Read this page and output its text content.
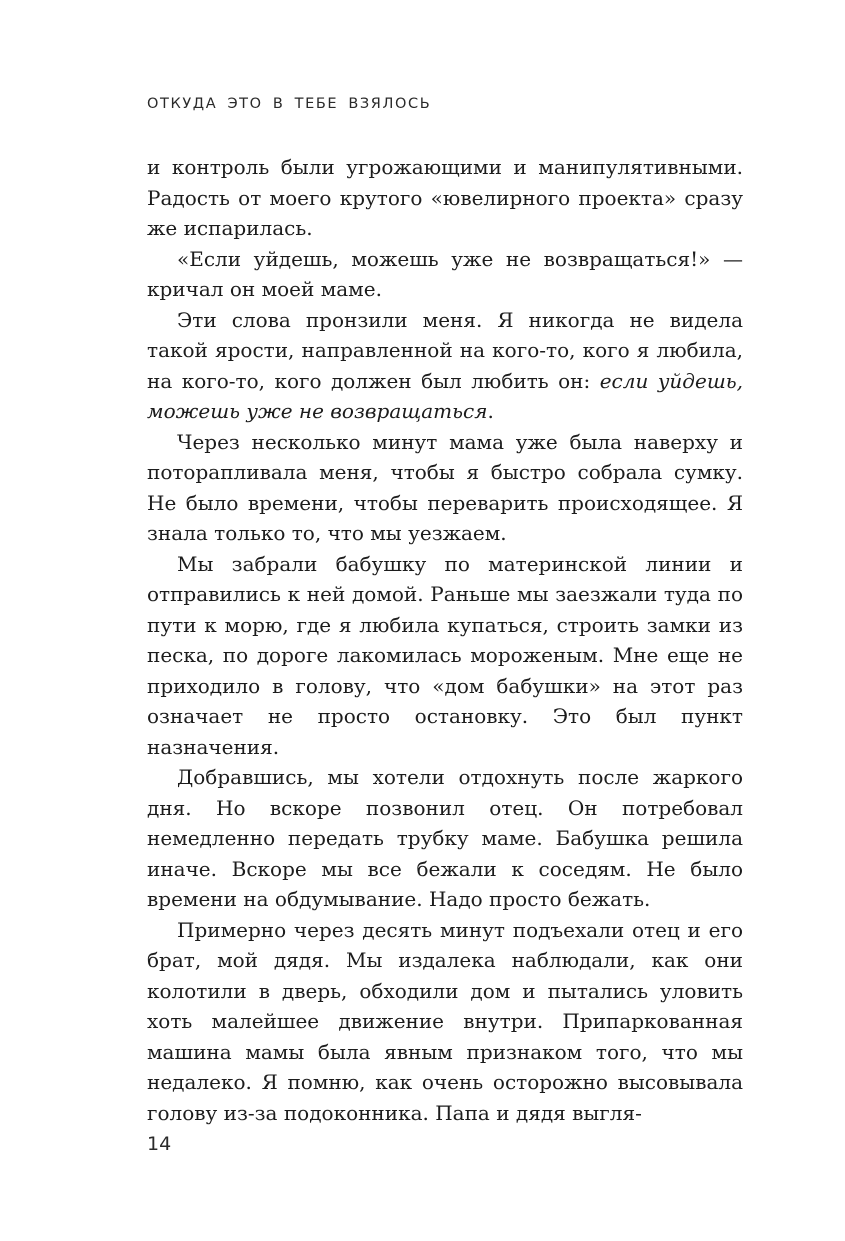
ОТКУДА ЭТО В ТЕБЕ ВЗЯЛОСЬ

и контроль были угрожающими и манипулятивными. Радость от моего крутого «ювелирного проекта» сразу же испарилась.

«Если уйдешь, можешь уже не возвращаться!» — кричал он моей маме.

Эти слова пронзили меня. Я никогда не видела такой ярости, направленной на кого-то, кого я любила, на кого-то, кого должен был любить он: если уйдешь, можешь уже не возвращаться.

Через несколько минут мама уже была наверху и поторапливала меня, чтобы я быстро собрала сумку. Не было времени, чтобы переварить происходящее. Я знала только то, что мы уезжаем.

Мы забрали бабушку по материнской линии и отправились к ней домой. Раньше мы заезжали туда по пути к морю, где я любила купаться, строить замки из песка, по дороге лакомилась мороженым. Мне еще не приходило в голову, что «дом бабушки» на этот раз означает не просто остановку. Это был пункт назначения.

Добравшись, мы хотели отдохнуть после жаркого дня. Но вскоре позвонил отец. Он потребовал немедленно передать трубку маме. Бабушка решила иначе. Вскоре мы все бежали к соседям. Не было времени на обдумывание. Надо просто бежать.

Примерно через десять минут подъехали отец и его брат, мой дядя. Мы издалека наблюдали, как они колотили в дверь, обходили дом и пытались уловить хоть малейшее движение внутри. Припаркованная машина мамы была явным признаком того, что мы недалеко. Я помню, как очень осторожно высовывала голову из-за подоконника. Папа и дядя выгля-

14
